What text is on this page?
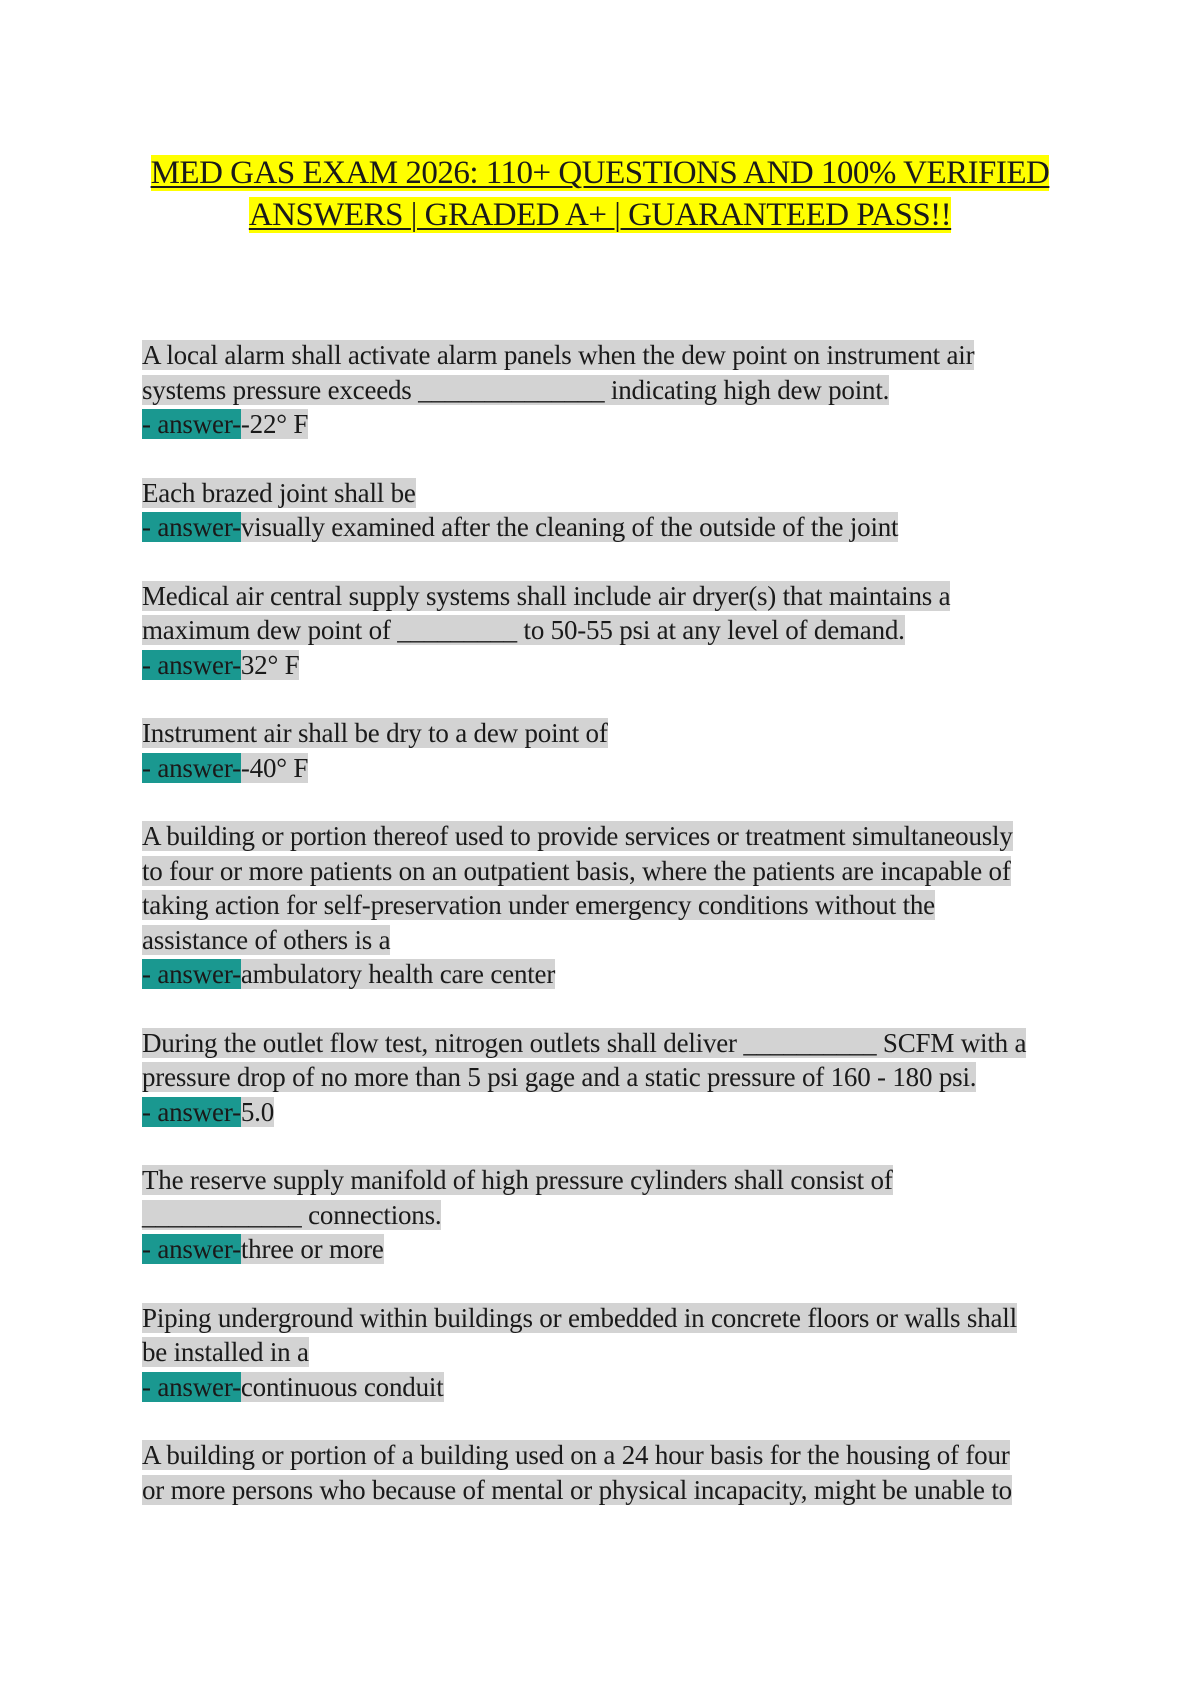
MED GAS EXAM 2026: 110+ QUESTIONS AND 100% VERIFIED
ANSWERS | GRADED A+ | GUARANTEED PASS!!
A local alarm shall activate alarm panels when the dew point on instrument air
systems pressure exceeds ______________ indicating high dew point.
- answer--22° F
Each brazed joint shall be
- answer-visually examined after the cleaning of the outside of the joint
Medical air central supply systems shall include air dryer(s) that maintains a
maximum dew point of _________ to 50-55 psi at any level of demand.
- answer-32° F
Instrument air shall be dry to a dew point of
- answer--40° F
A building or portion thereof used to provide services or treatment simultaneously
to four or more patients on an outpatient basis, where the patients are incapable of
taking action for self-preservation under emergency conditions without the
assistance of others is a
- answer-ambulatory health care center
During the outlet flow test, nitrogen outlets shall deliver __________ SCFM with a
pressure drop of no more than 5 psi gage and a static pressure of 160 - 180 psi.
- answer-5.0
The reserve supply manifold of high pressure cylinders shall consist of
____________ connections.
- answer-three or more
Piping underground within buildings or embedded in concrete floors or walls shall
be installed in a
- answer-continuous conduit
A building or portion of a building used on a 24 hour basis for the housing of four
or more persons who because of mental or physical incapacity, might be unable to
